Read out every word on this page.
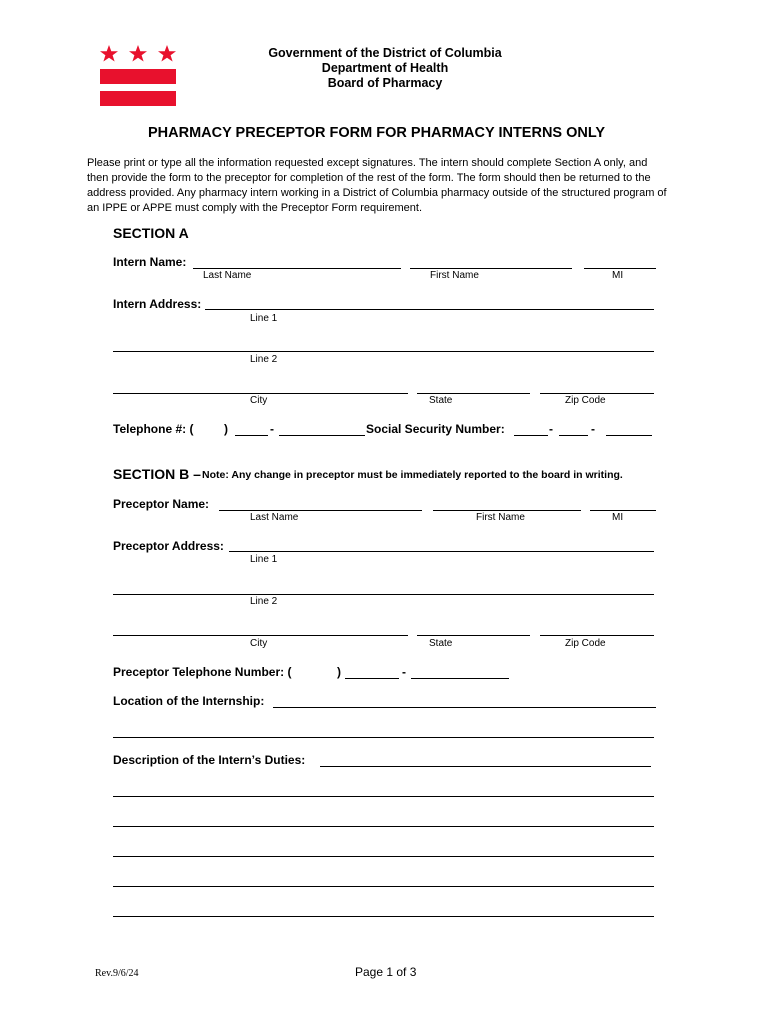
Government of the District of Columbia
Department of Health
Board of Pharmacy
PHARMACY PRECEPTOR FORM FOR PHARMACY INTERNS ONLY
Please print or type all the information requested except signatures. The intern should complete Section A only, and then provide the form to the preceptor for completion of the rest of the form. The form should then be returned to the address provided. Any pharmacy intern working in a District of Columbia pharmacy outside of the structured program of an IPPE or APPE must comply with the Preceptor Form requirement.
SECTION A
Intern Name:
Last Name	First Name	MI
Intern Address:
Line 1
Line 2
City	State	Zip Code
Telephone #: (	)	-	Social Security Number:	-	-
SECTION B – Note: Any change in preceptor must be immediately reported to the board in writing.
Preceptor Name:
Last Name	First Name	MI
Preceptor Address:
Line 1
Line 2
City	State	Zip Code
Preceptor Telephone Number: (	)	-
Location of the Internship:
Description of the Intern’s Duties:
Rev.9/6/24	Page 1 of 3
